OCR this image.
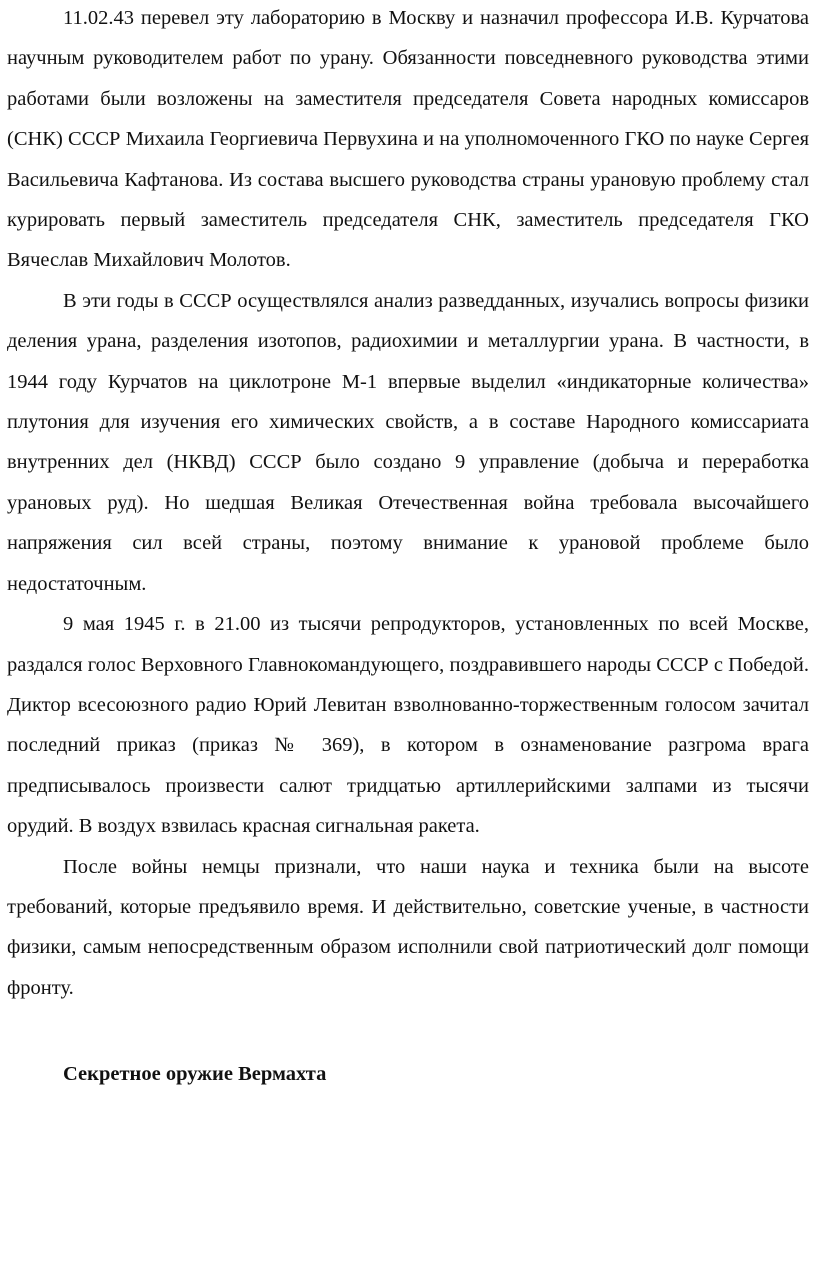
11.02.43 перевел эту лабораторию в Москву и назначил профессора И.В. Курчатова научным руководителем работ по урану. Обязанности повседневного руководства этими работами были возложены на заместителя председателя Совета народных комиссаров (СНК) СССР Михаила Георгиевича Первухина и на уполномоченного ГКО по науке Сергея Васильевича Кафтанова. Из состава высшего руководства страны урановую проблему стал курировать первый заместитель председателя СНК, заместитель председателя ГКО Вячеслав Михайлович Молотов.

В эти годы в СССР осуществлялся анализ разведданных, изучались вопросы физики деления урана, разделения изотопов, радиохимии и металлургии урана. В частности, в 1944 году Курчатов на циклотроне М-1 впервые выделил «индикаторные количества» плутония для изучения его химических свойств, а в составе Народного комиссариата внутренних дел (НКВД) СССР было создано 9 управление (добыча и переработка урановых руд). Но шедшая Великая Отечественная война требовала высочайшего напряжения сил всей страны, поэтому внимание к урановой проблеме было недостаточным.

9 мая 1945 г. в 21.00 из тысячи репродукторов, установленных по всей Москве, раздался голос Верховного Главнокомандующего, поздравившего народы СССР с Победой. Диктор всесоюзного радио Юрий Левитан взволнованно-торжественным голосом зачитал последний приказ (приказ № 369), в котором в ознаменование разгрома врага предписывалось произвести салют тридцатью артиллерийскими залпами из тысячи орудий. В воздух взвилась красная сигнальная ракета.

После войны немцы признали, что наши наука и техника были на высоте требований, которые предъявило время. И действительно, советские ученые, в частности физики, самым непосредственным образом исполнили свой патриотический долг помощи фронту.

Секретное оружие Вермахта
